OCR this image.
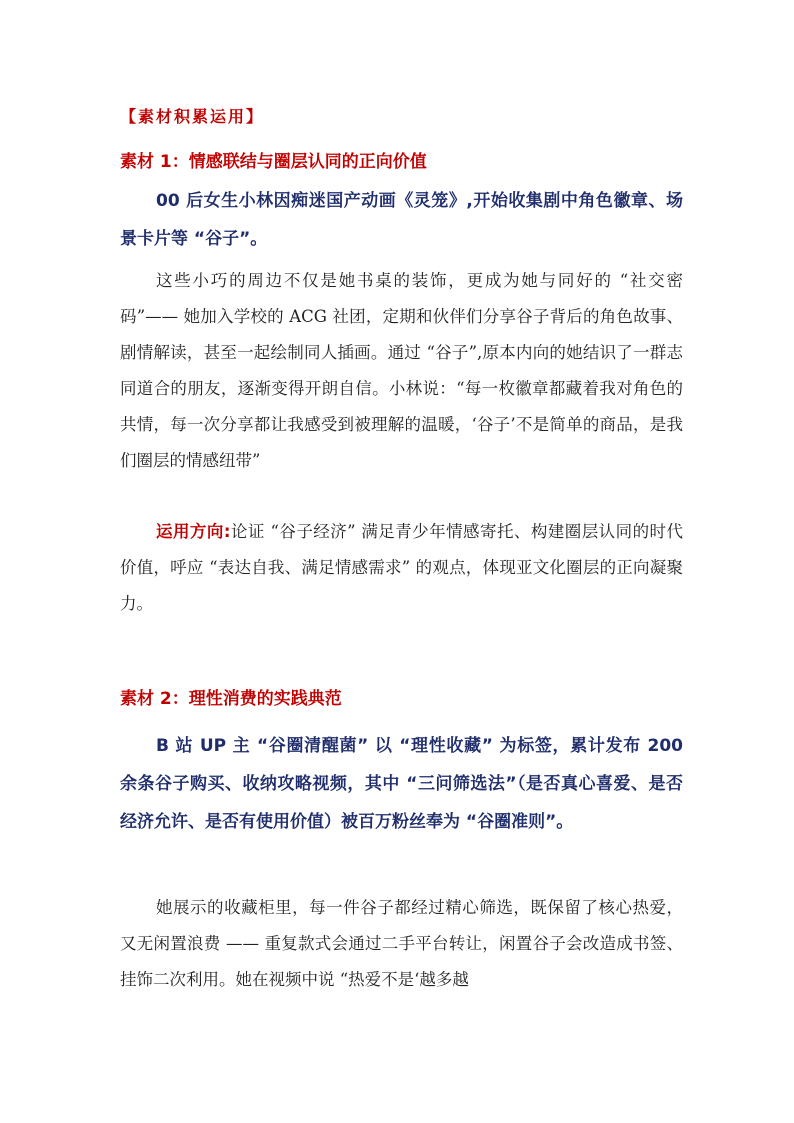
【素材积累运用】
素材 1：情感联结与圈层认同的正向价值
00 后女生小林因痴迷国产动画《灵笼》,开始收集剧中角色徽章、场景卡片等 “谷子”。
这些小巧的周边不仅是她书桌的装饰，更成为她与同好的 “社交密码”—— 她加入学校的 ACG 社团，定期和伙伴们分享谷子背后的角色故事、剧情解读，甚至一起绘制同人插画。通过 “谷子”,原本内向的她结识了一群志同道合的朋友，逐渐变得开朗自信。小林说：“每一枚徽章都藏着我对角色的共情，每一次分享都让我感受到被理解的温暖，‘谷子’不是简单的商品，是我们圈层的情感纽带”
运用方向:论证 “谷子经济” 满足青少年情感寄托、构建圈层认同的时代价值，呼应 “表达自我、满足情感需求” 的观点，体现亚文化圈层的正向凝聚力。
素材 2：理性消费的实践典范
B 站 UP 主 “谷圈清醒菌” 以 “理性收藏” 为标签，累计发布 200 余条谷子购买、收纳攻略视频，其中 “三问筛选法”（是否真心喜爱、是否经济允许、是否有使用价值）被百万粉丝奉为 “谷圈准则”。
她展示的收藏柜里，每一件谷子都经过精心筛选，既保留了核心热爱，又无闲置浪费 —— 重复款式会通过二手平台转让，闲置谷子会改造成书签、挂饰二次利用。她在视频中说 “热爱不是‘越多越
